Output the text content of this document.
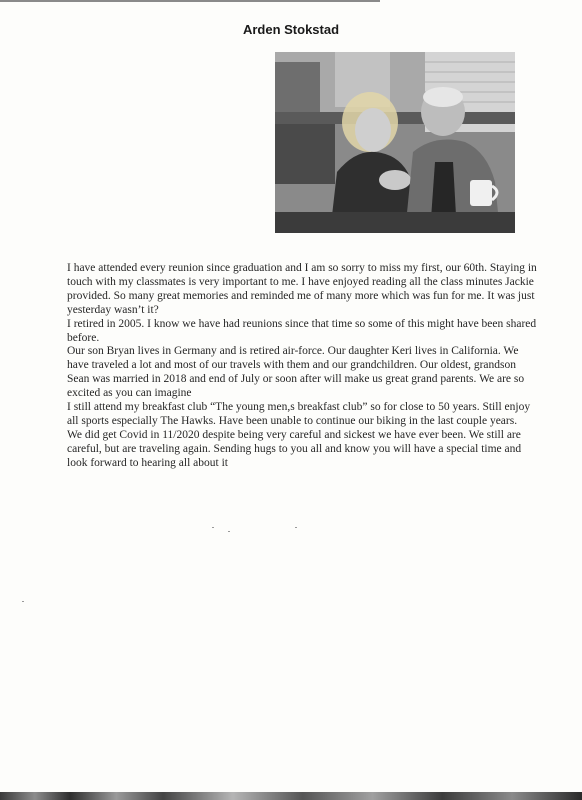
Arden Stokstad

I have attended every reunion since graduation and I am so sorry to miss my first, our 60th. Staying in touch with my classmates is very important to me. I have enjoyed reading all the class minutes Jackie provided. So many great memories and reminded me of many more which was fun for me. It was just yesterday wasn’t it?

I retired in 2005. I know we have had reunions since that time so some of this might have been shared before.

Our son Bryan lives in Germany and is retired air-force. Our daughter Keri lives in California. We have traveled a lot and most of our travels with them and our grandchildren. Our oldest, grandson Sean was married in 2018 and end of July or soon after will make us great grand parents. We are so excited as you can imagine

I still attend my breakfast club “The young men,s breakfast club” so for close to 50 years. Still enjoy all sports especially The Hawks. Have been unable to continue our biking in the last couple years.

We did get Covid in 11/2020 despite being very careful and sickest we have ever been. We still are careful, but are traveling again. Sending hugs to you all and know you will have a special time and look forward to hearing all about it
